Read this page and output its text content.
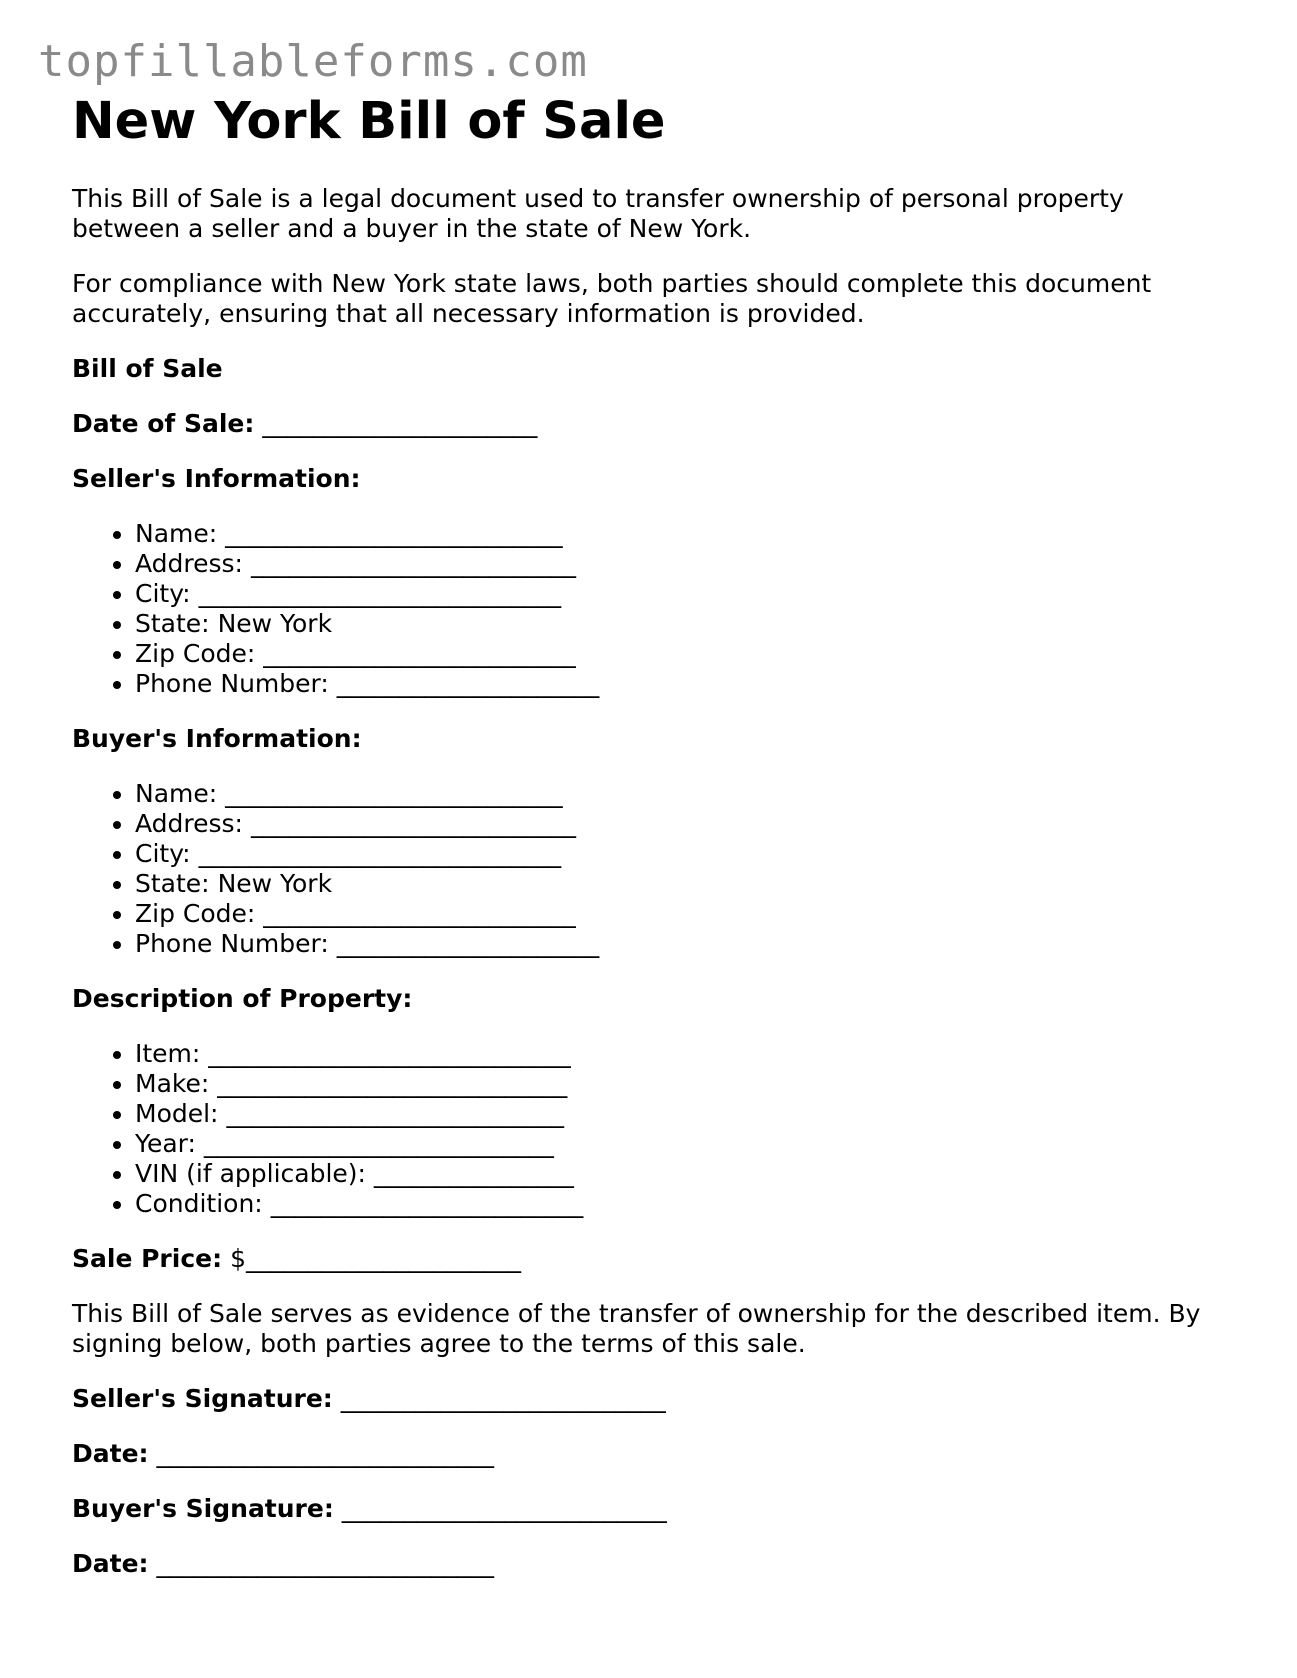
topfillableforms.com
New York Bill of Sale

This Bill of Sale is a legal document used to transfer ownership of personal property between a seller and a buyer in the state of New York.

For compliance with New York state laws, both parties should complete this document accurately, ensuring that all necessary information is provided.

Bill of Sale

Date of Sale: ______________________

Seller's Information:

• Name: ___________________________
• Address: __________________________
• City: _____________________________
• State: New York
• Zip Code: _________________________
• Phone Number: _____________________

Buyer's Information:

• Name: ___________________________
• Address: __________________________
• City: _____________________________
• State: New York
• Zip Code: _________________________
• Phone Number: _____________________

Description of Property:

• Item: _____________________________
• Make: ____________________________
• Model: ___________________________
• Year: ____________________________
• VIN (if applicable): ________________
• Condition: _________________________

Sale Price: $______________________

This Bill of Sale serves as evidence of the transfer of ownership for the described item. By signing below, both parties agree to the terms of this sale.

Seller's Signature: __________________________

Date: ___________________________

Buyer's Signature: __________________________

Date: ___________________________
